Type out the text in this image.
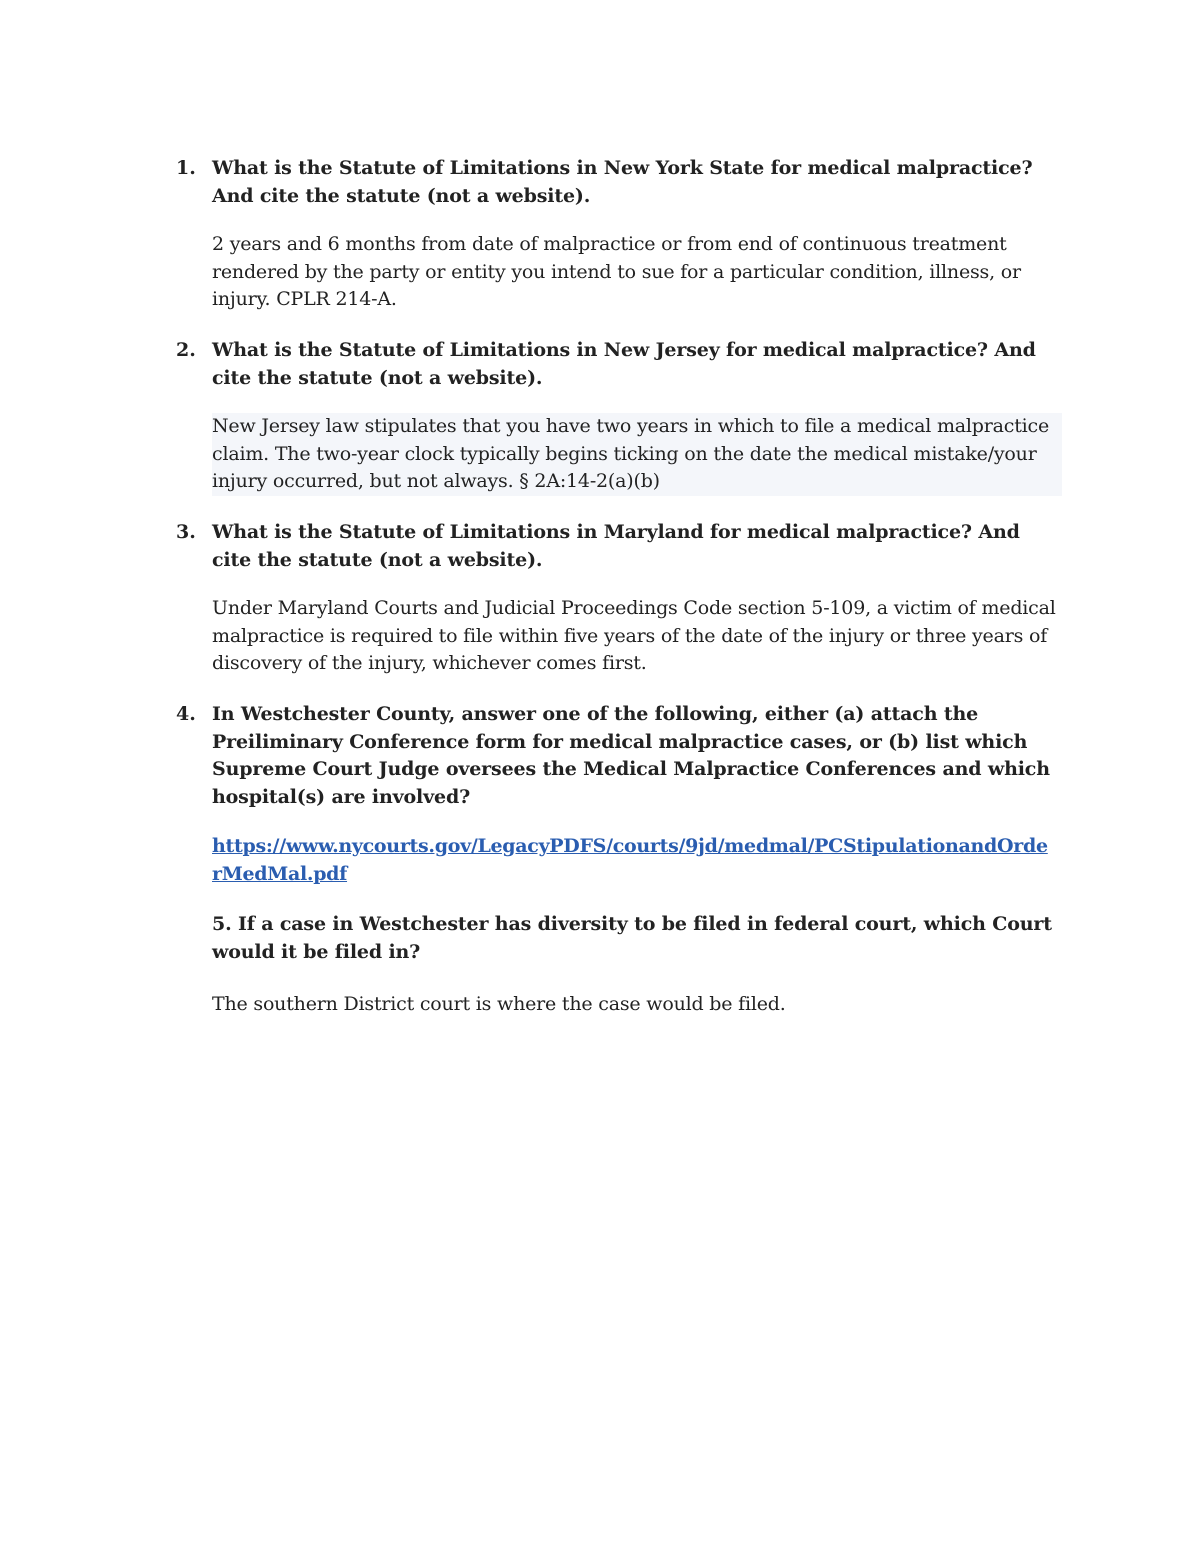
1. What is the Statute of Limitations in New York State for medical malpractice? And cite the statute (not a website).

2 years and 6 months from date of malpractice or from end of continuous treatment rendered by the party or entity you intend to sue for a particular condition, illness, or injury. CPLR 214-A.

2. What is the Statute of Limitations in New Jersey for medical malpractice? And cite the statute (not a website).

New Jersey law stipulates that you have two years in which to file a medical malpractice claim. The two-year clock typically begins ticking on the date the medical mistake/your injury occurred, but not always. § 2A:14-2(a)(b)

3. What is the Statute of Limitations in Maryland for medical malpractice? And cite the statute (not a website).

Under Maryland Courts and Judicial Proceedings Code section 5-109, a victim of medical malpractice is required to file within five years of the date of the injury or three years of discovery of the injury, whichever comes first.

4. In Westchester County, answer one of the following, either (a) attach the Preiliminary Conference form for medical malpractice cases, or (b) list which Supreme Court Judge oversees the Medical Malpractice Conferences and which hospital(s) are involved?

https://www.nycourts.gov/LegacyPDFS/courts/9jd/medmal/PCStipulationandOrderMedMal.pdf

5. If a case in Westchester has diversity to be filed in federal court, which Court would it be filed in?

The southern District court is where the case would be filed.
